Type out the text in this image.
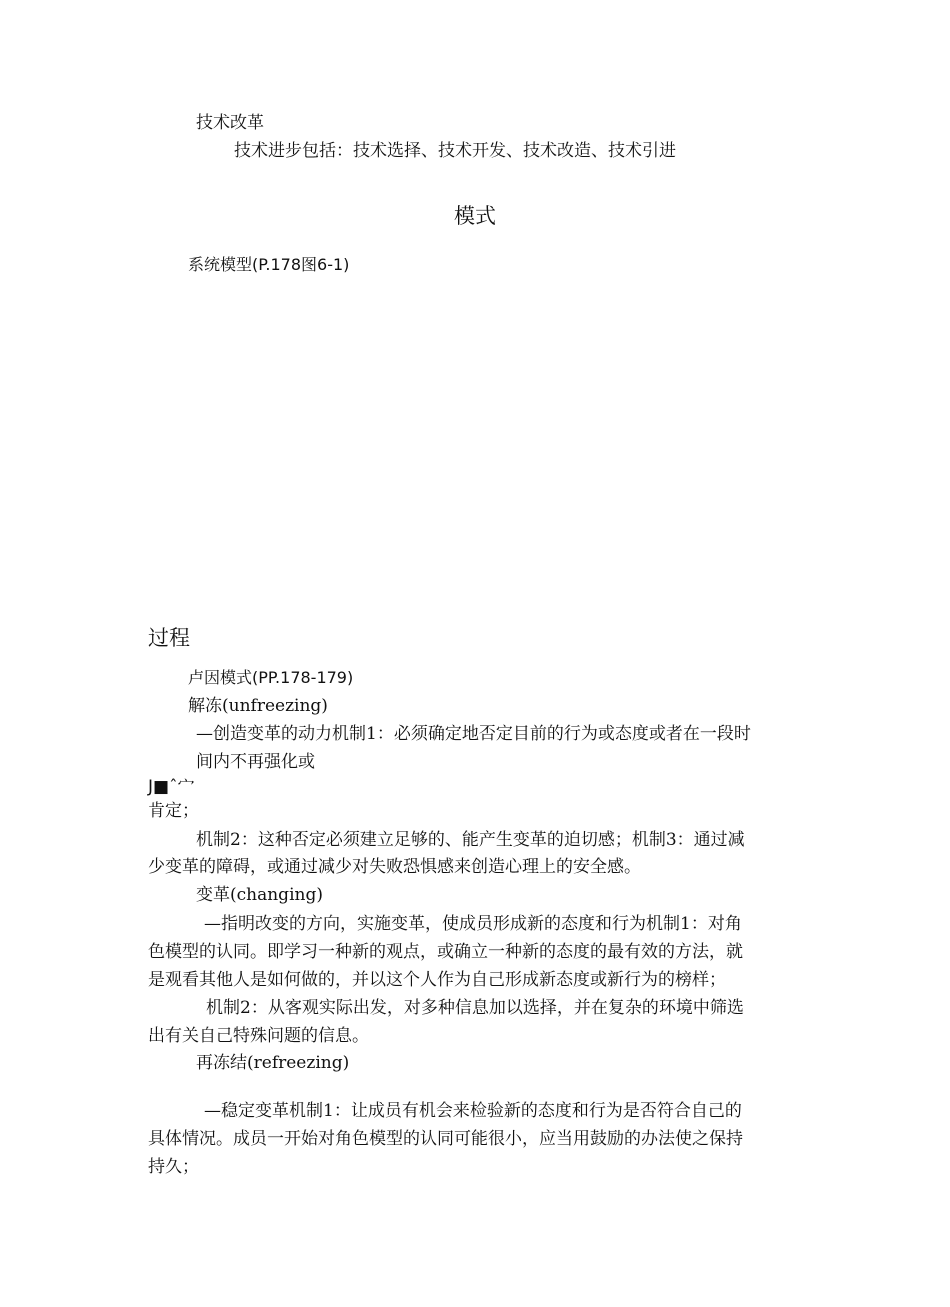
技术改革
技术进步包括：技术选择、技术开发、技术改造、技术引进
模式
系统模型(P.178图6-1)
过程
卢因模式(PP.178-179)
解冻(unfreezing)
—创造变革的动力机制1：必须确定地否定目前的行为或态度或者在一段时
间内不再强化或
J■ˆ宀
肯定；
机制2：这种否定必须建立足够的、能产生变革的迫切感；机制3：通过减
少变革的障碍，或通过减少对失败恐惧感来创造心理上的安全感。
变革(changing)
—指明改变的方向，实施变革，使成员形成新的态度和行为机制1：对角
色模型的认同。即学习一种新的观点，或确立一种新的态度的最有效的方法，就
是观看其他人是如何做的，并以这个人作为自己形成新态度或新行为的榜样；
机制2：从客观实际出发，对多种信息加以选择，并在复杂的环境中筛选
出有关自己特殊问题的信息。
再冻结(refreezing)
—稳定变革机制1：让成员有机会来检验新的态度和行为是否符合自己的
具体情况。成员一开始对角色模型的认同可能很小，应当用鼓励的办法使之保持
持久；
